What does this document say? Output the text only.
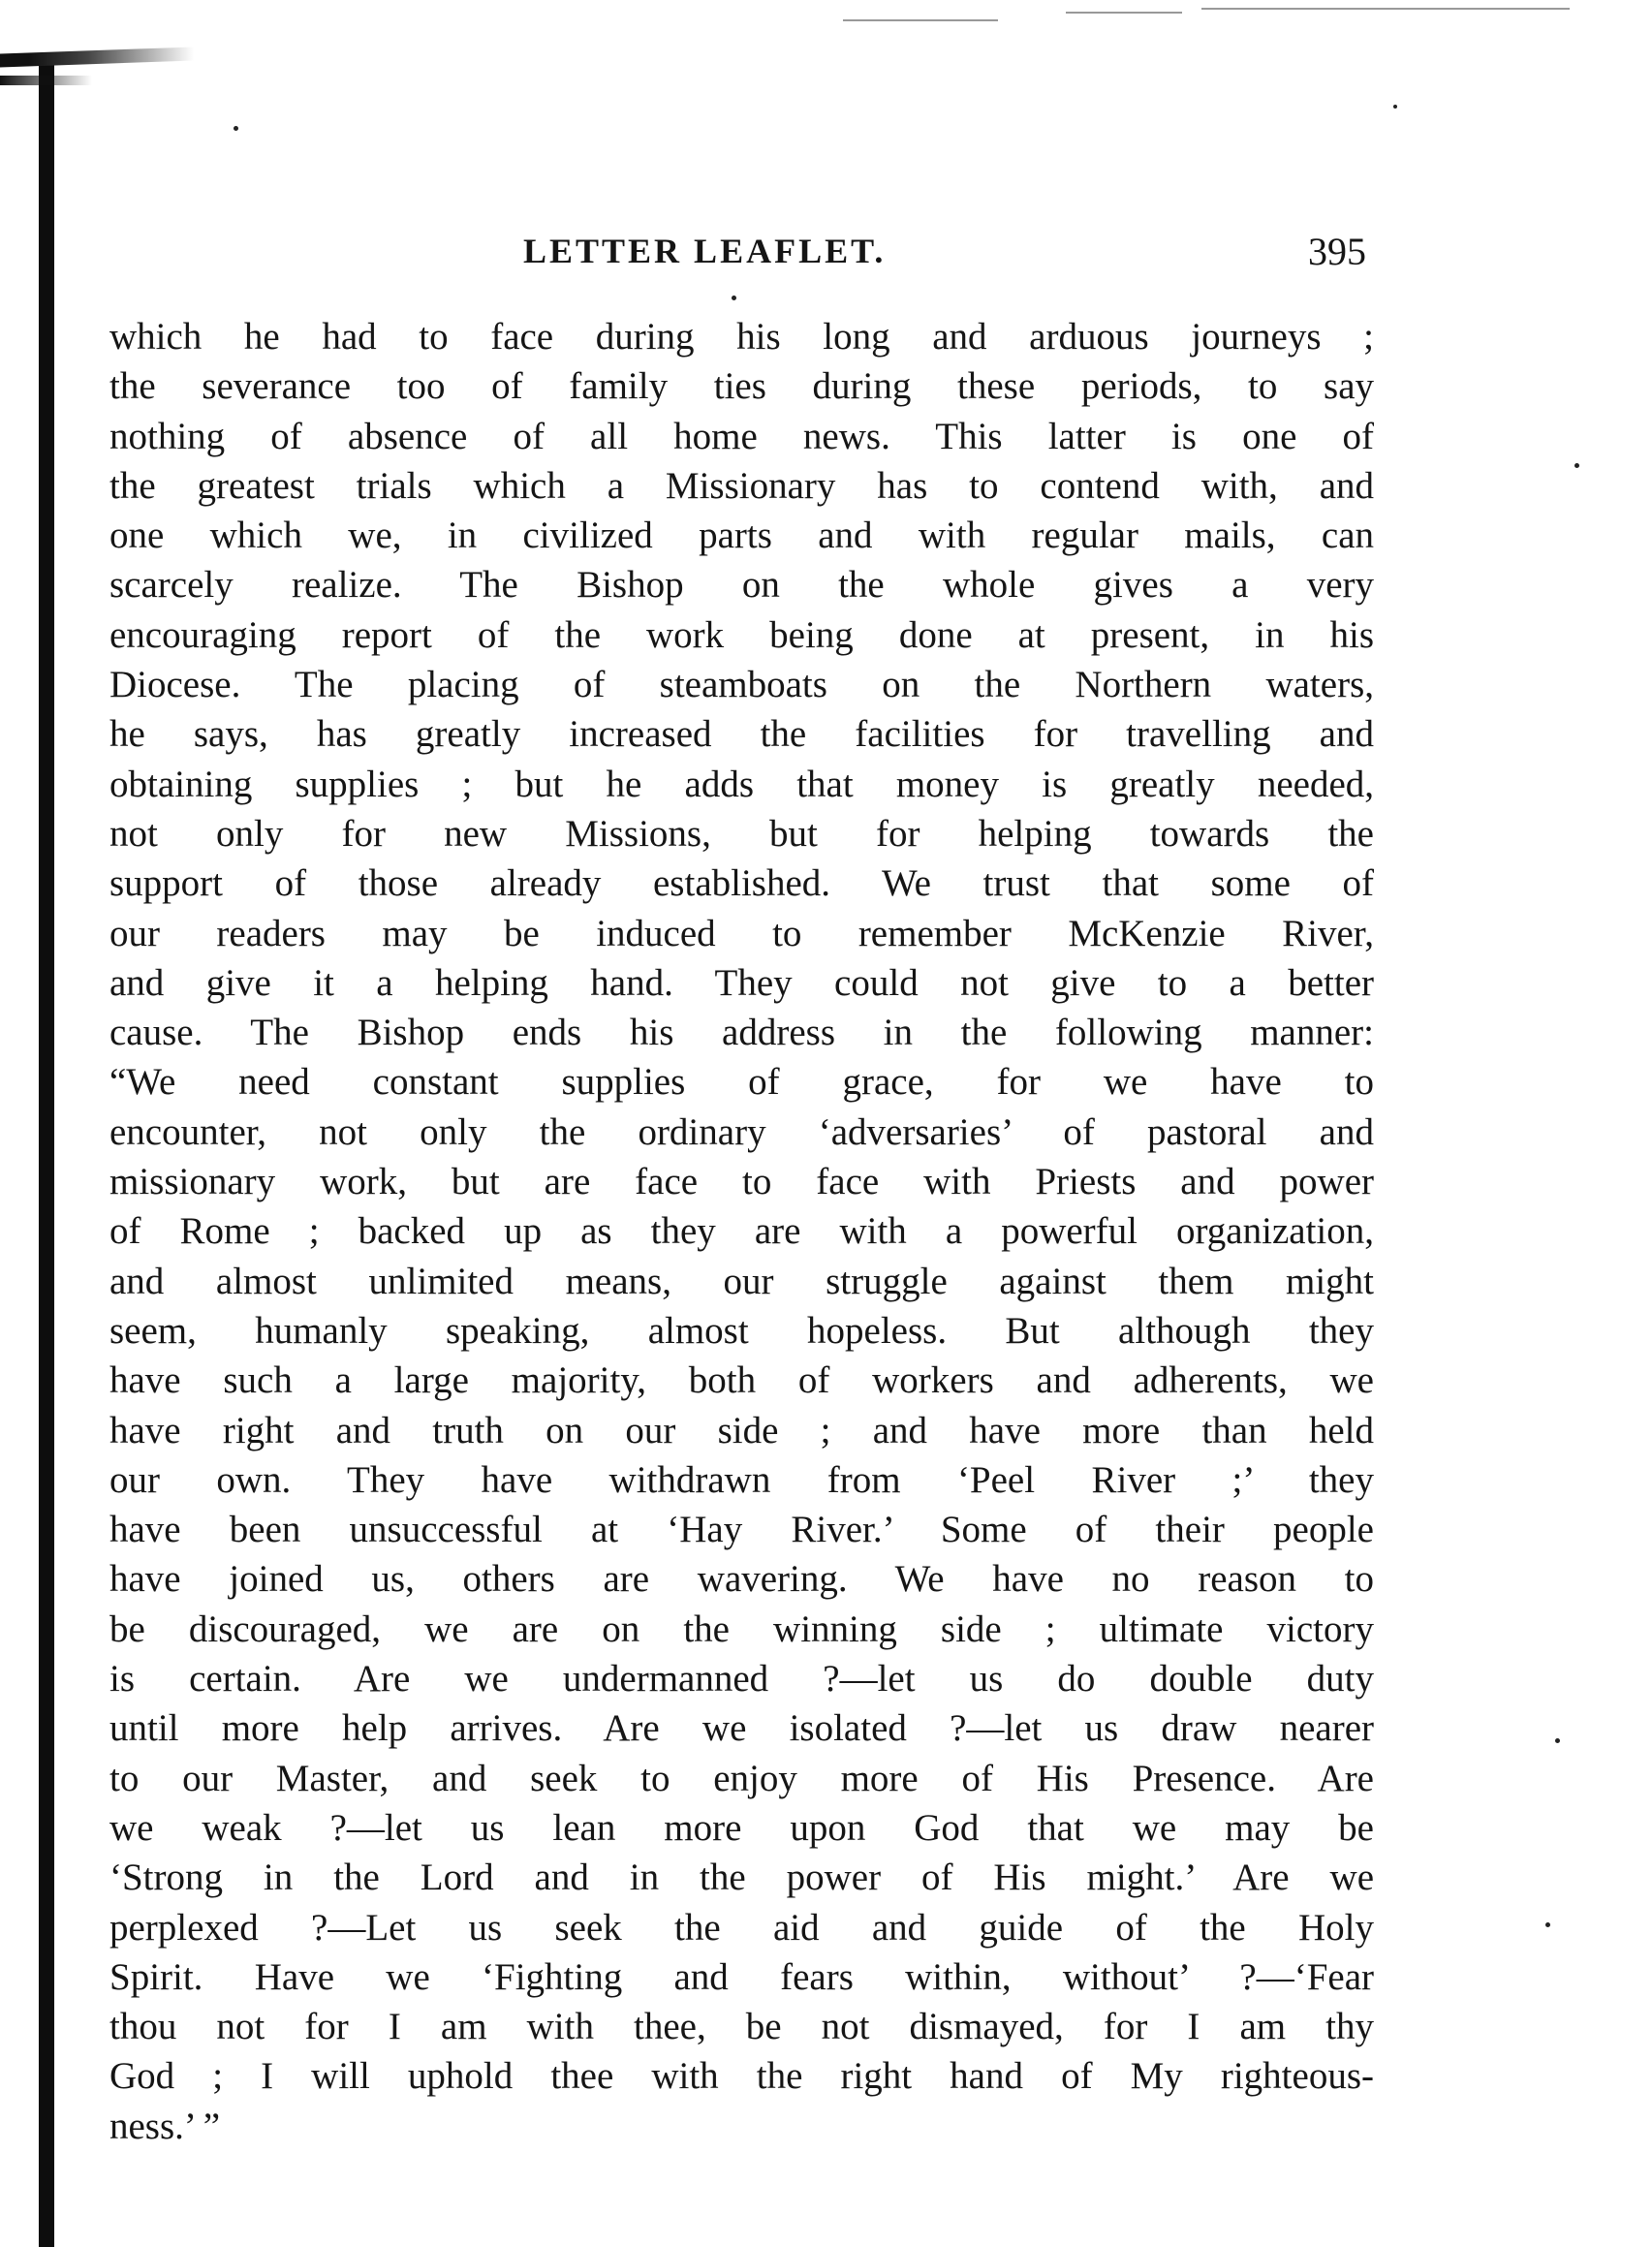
LETTER LEAFLET.	395
which he had to face during his long and arduous journeys ;
the severance too of family ties during these periods, to say
nothing of absence of all home news. This latter is one of
the greatest trials which a Missionary has to contend with, and
one which we, in civilized parts and with regular mails, can
scarcely realize. The Bishop on the whole gives a very
encouraging report of the work being done at present, in his
Diocese. The placing of steamboats on the Northern waters,
he says, has greatly increased the facilities for travelling and
obtaining supplies ; but he adds that money is greatly needed,
not only for new Missions, but for helping towards the
support of those already established. We trust that some of
our readers may be induced to remember McKenzie River,
and give it a helping hand. They could not give to a better
cause. The Bishop ends his address in the following manner:
“We need constant supplies of grace, for we have to
encounter, not only the ordinary ‘adversaries’ of pastoral and
missionary work, but are face to face with Priests and power
of Rome ; backed up as they are with a powerful organization,
and almost unlimited means, our struggle against them might
seem, humanly speaking, almost hopeless. But although they
have such a large majority, both of workers and adherents, we
have right and truth on our side ; and have more than held
our own. They have withdrawn from ‘Peel River ;’ they
have been unsuccessful at ‘Hay River.’ Some of their people
have joined us, others are wavering. We have no reason to
be discouraged, we are on the winning side ; ultimate victory
is certain. Are we undermanned ?—let us do double duty
until more help arrives. Are we isolated ?—let us draw nearer
to our Master, and seek to enjoy more of His Presence. Are
we weak ?—let us lean more upon God that we may be
‘Strong in the Lord and in the power of His might.’ Are we
perplexed ?—Let us seek the aid and guide of the Holy
Spirit. Have we ‘Fighting and fears within, without’ ?—‘Fear
thou not for I am with thee, be not dismayed, for I am thy
God ; I will uphold thee with the right hand of My righteous-
ness.’ ”
